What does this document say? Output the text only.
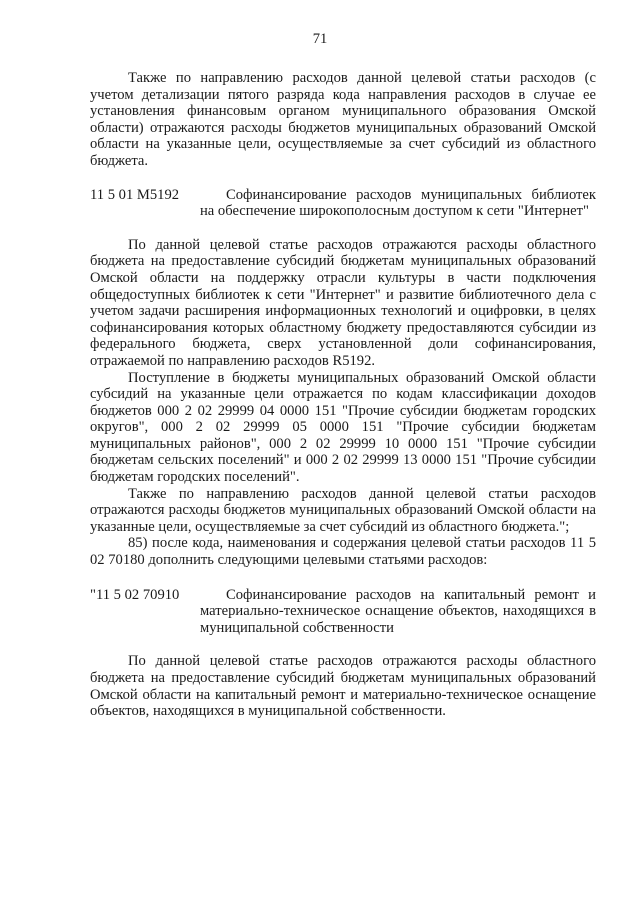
71

Также по направлению расходов данной целевой статьи расходов (с учетом детализации пятого разряда кода направления расходов в случае ее установления финансовым органом муниципального образования Омской области) отражаются расходы бюджетов муниципальных образований Омской области на указанные цели, осуществляемые за счет субсидий из областного бюджета.

11 5 01 M5192	Софинансирование расходов муниципальных библиотек на обеспечение широкополосным доступом к сети "Интернет"

По данной целевой статье расходов отражаются расходы областного бюджета на предоставление субсидий бюджетам муниципальных образований Омской области на поддержку отрасли культуры в части подключения общедоступных библиотек к сети "Интернет" и развитие библиотечного дела с учетом задачи расширения информационных технологий и оцифровки, в целях софинансирования которых областному бюджету предоставляются субсидии из федерального бюджета, сверх установленной доли софинансирования, отражаемой по направлению расходов R5192.

Поступление в бюджеты муниципальных образований Омской области субсидий на указанные цели отражается по кодам классификации доходов бюджетов 000 2 02 29999 04 0000 151 "Прочие субсидии бюджетам городских округов", 000 2 02 29999 05 0000 151 "Прочие субсидии бюджетам муниципальных районов", 000 2 02 29999 10 0000 151 "Прочие субсидии бюджетам сельских поселений" и 000 2 02 29999 13 0000 151 "Прочие субсидии бюджетам городских поселений".

Также по направлению расходов данной целевой статьи расходов отражаются расходы бюджетов муниципальных образований Омской области на указанные цели, осуществляемые за счет субсидий из областного бюджета.";

85) после кода, наименования и содержания целевой статьи расходов 11 5 02 70180 дополнить следующими целевыми статьями расходов:

"11 5 02 70910	Софинансирование расходов на капитальный ремонт и материально-техническое оснащение объектов, находящихся в муниципальной собственности

По данной целевой статье расходов отражаются расходы областного бюджета на предоставление субсидий бюджетам муниципальных образований Омской области на капитальный ремонт и материально-техническое оснащение объектов, находящихся в муниципальной собственности.
